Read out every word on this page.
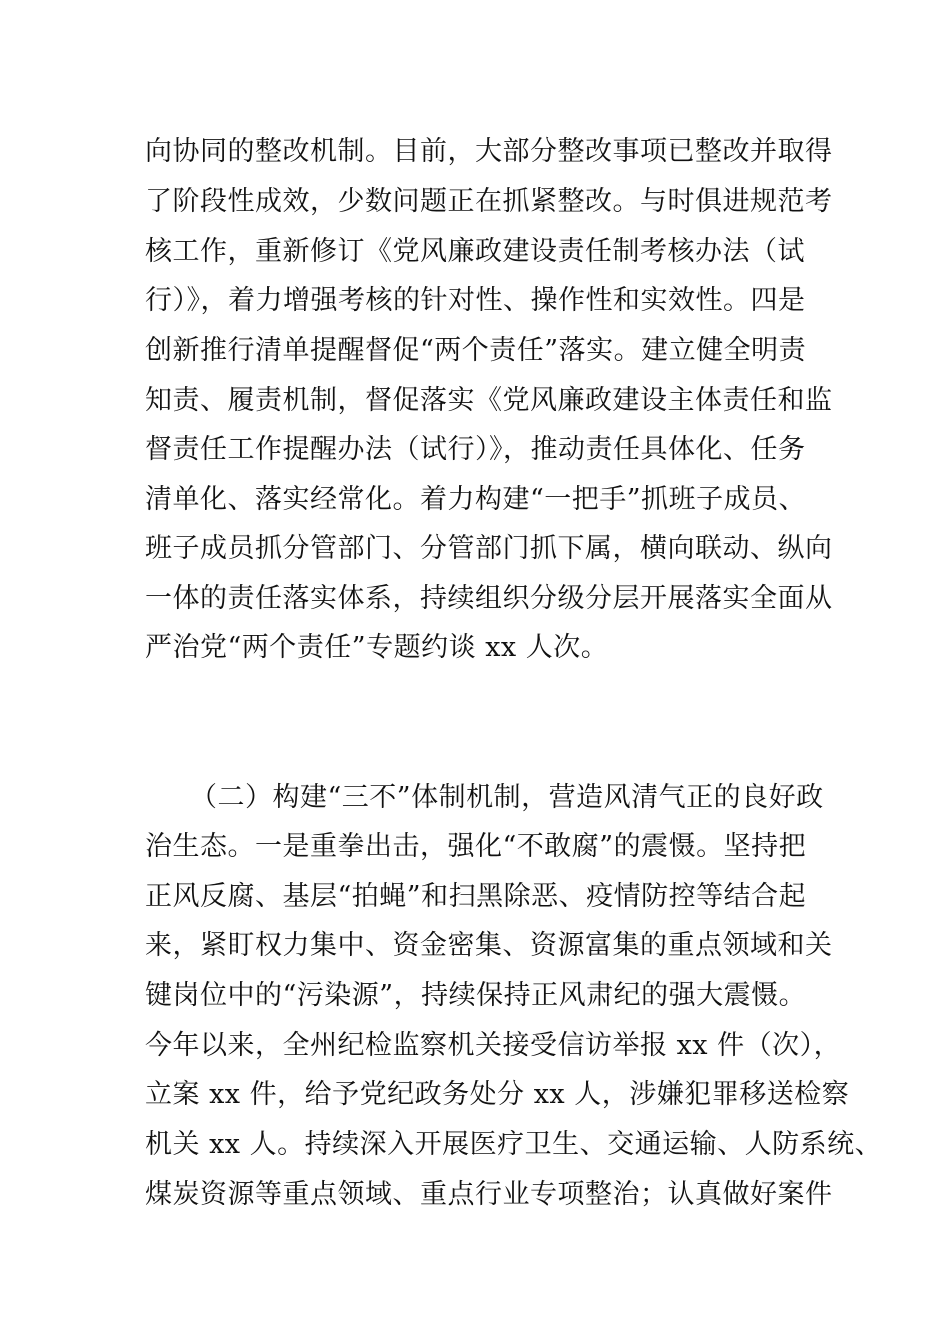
向协同的整改机制。目前，大部分整改事项已整改并取得
了阶段性成效，少数问题正在抓紧整改。与时俱进规范考
核工作，重新修订《党风廉政建设责任制考核办法（试
行）》，着力增强考核的针对性、操作性和实效性。四是
创新推行清单提醒督促“两个责任”落实。建立健全明责
知责、履责机制，督促落实《党风廉政建设主体责任和监
督责任工作提醒办法（试行）》，推动责任具体化、任务
清单化、落实经常化。着力构建“一把手”抓班子成员、
班子成员抓分管部门、分管部门抓下属，横向联动、纵向
一体的责任落实体系，持续组织分级分层开展落实全面从
严治党“两个责任”专题约谈 xx 人次。
（二）构建“三不”体制机制，营造风清气正的良好政
治生态。一是重拳出击，强化“不敢腐”的震慑。坚持把
正风反腐、基层“拍蝇”和扫黑除恶、疫情防控等结合起
来，紧盯权力集中、资金密集、资源富集的重点领域和关
键岗位中的“污染源”，持续保持正风肃纪的强大震慑。
今年以来，全州纪检监察机关接受信访举报 xx 件（次），
立案 xx 件，给予党纪政务处分 xx 人，涉嫌犯罪移送检察
机关 xx 人。持续深入开展医疗卫生、交通运输、人防系统、
煤炭资源等重点领域、重点行业专项整治；认真做好案件
